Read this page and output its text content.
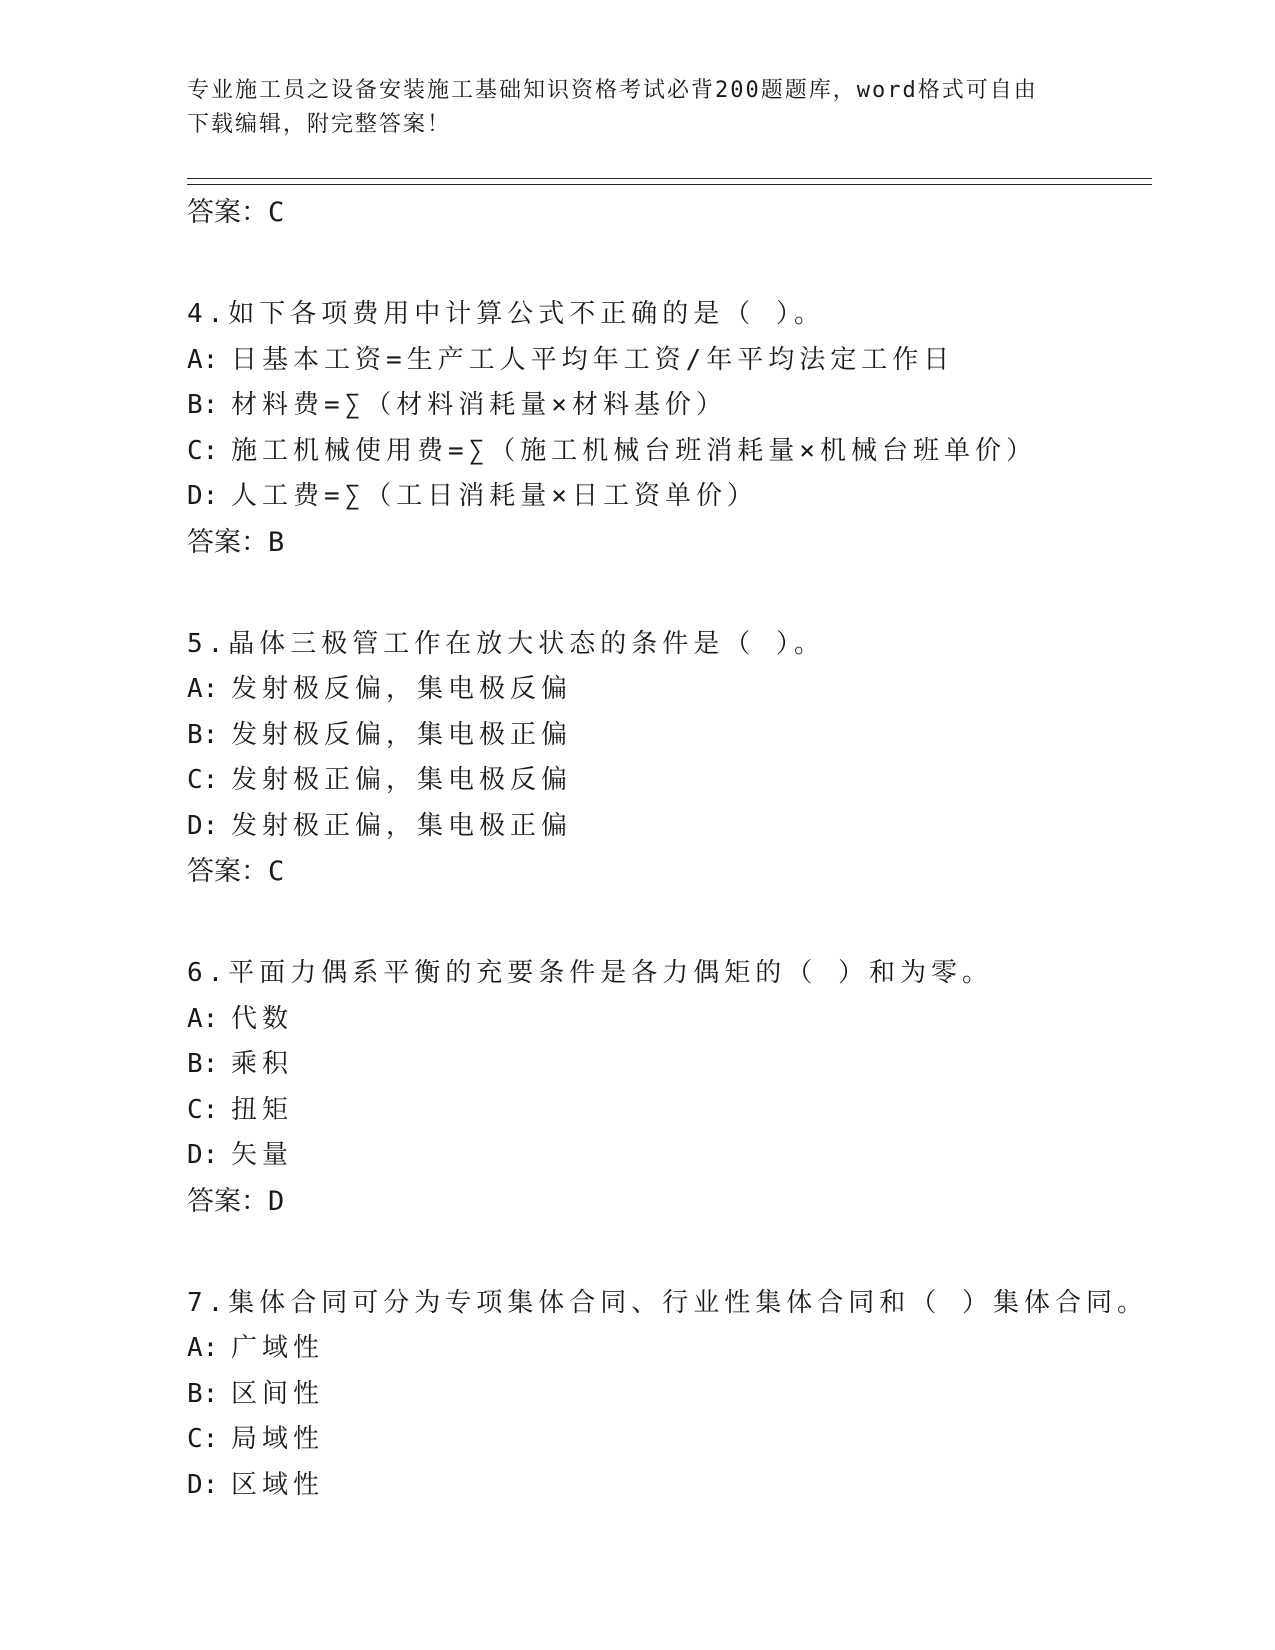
专业施工员之设备安装施工基础知识资格考试必背200题题库，word格式可自由
下载编辑，附完整答案！

答案：C

4.如下各项费用中计算公式不正确的是（ ）。

A: 日基本工资=生产工人平均年工资/年平均法定工作日

B: 材料费=∑（材料消耗量×材料基价）

C: 施工机械使用费=∑（施工机械台班消耗量×机械台班单价）

D: 人工费=∑（工日消耗量×日工资单价）

答案：B

5.晶体三极管工作在放大状态的条件是（ ）。

A: 发射极反偏，集电极反偏

B: 发射极反偏，集电极正偏

C: 发射极正偏，集电极反偏

D: 发射极正偏，集电极正偏

答案：C

6.平面力偶系平衡的充要条件是各力偶矩的（ ）和为零。

A: 代数

B: 乘积

C: 扭矩

D: 矢量

答案：D

7.集体合同可分为专项集体合同、行业性集体合同和（ ）集体合同。

A: 广域性

B: 区间性

C: 局域性

D: 区域性
